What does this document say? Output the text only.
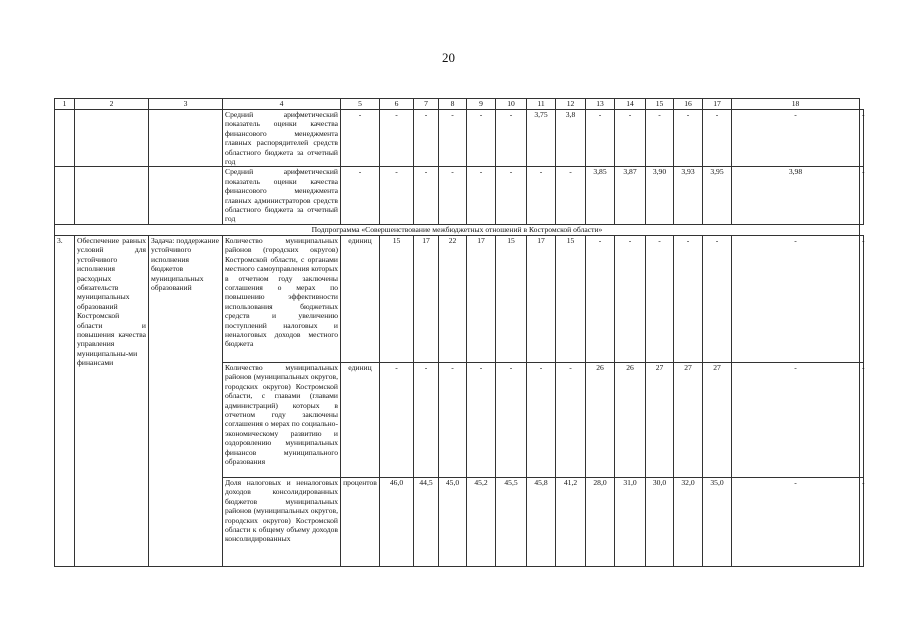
20
1	2	3	4	5	6	7	8	9	10	11	12	13	14	15	16	17	18	
			Средний арифметический показатель оценки качества финансового менеджмента главных распорядителей средств областного бюджета за отчетный год	-	-	-	-	-	-	3,75	3,8	-	-	-	-	-	-	-
			Средний арифметический показатель оценки качества финансового менеджмента главных администраторов средств областного бюджета за отчетный год	-	-	-	-	-	-	-	-	3,85	3,87	3,90	3,93	3,95	3,98	-
Подпрограмма «Совершенствование межбюджетных отношений в Костромской области»																		
3.	Обеспечение равных условий для устойчивого исполнения расходных обязательств муниципальных образований Костромской области и повышения качества управления муниципальны-ми финансами	Задача: поддержание устойчивого исполнения бюджетов муниципальных образований	Количество муниципальных районов (городских округов) Костромской области, с органами местного самоуправления которых в отчетном году заключены соглашения о мерах по повышению эффективности использования бюджетных средств и увеличению поступлений налоговых и неналоговых доходов местного бюджета	единиц	15	17	22	17	15	17	15	-	-	-	-	-	-	-
			Количество муниципальных районов (муниципальных округов, городских округов) Костромской области, с главами (главами администраций) которых в отчетном году заключены соглашения о мерах по социально-экономическому развитию и оздоровлению муниципальных финансов муниципального образования	единиц	-	-	-	-	-	-	-	26	26	27	27	27	-	-
			Доля налоговых и неналоговых доходов консолидированных бюджетов муниципальных районов (муниципальных округов, городских округов) Костромской области к общему объему доходов консолидированных	процентов	46,0	44,5	45,0	45,2	45,5	45,8	41,2	28,0	31,0	30,0	32,0	35,0	-	-
